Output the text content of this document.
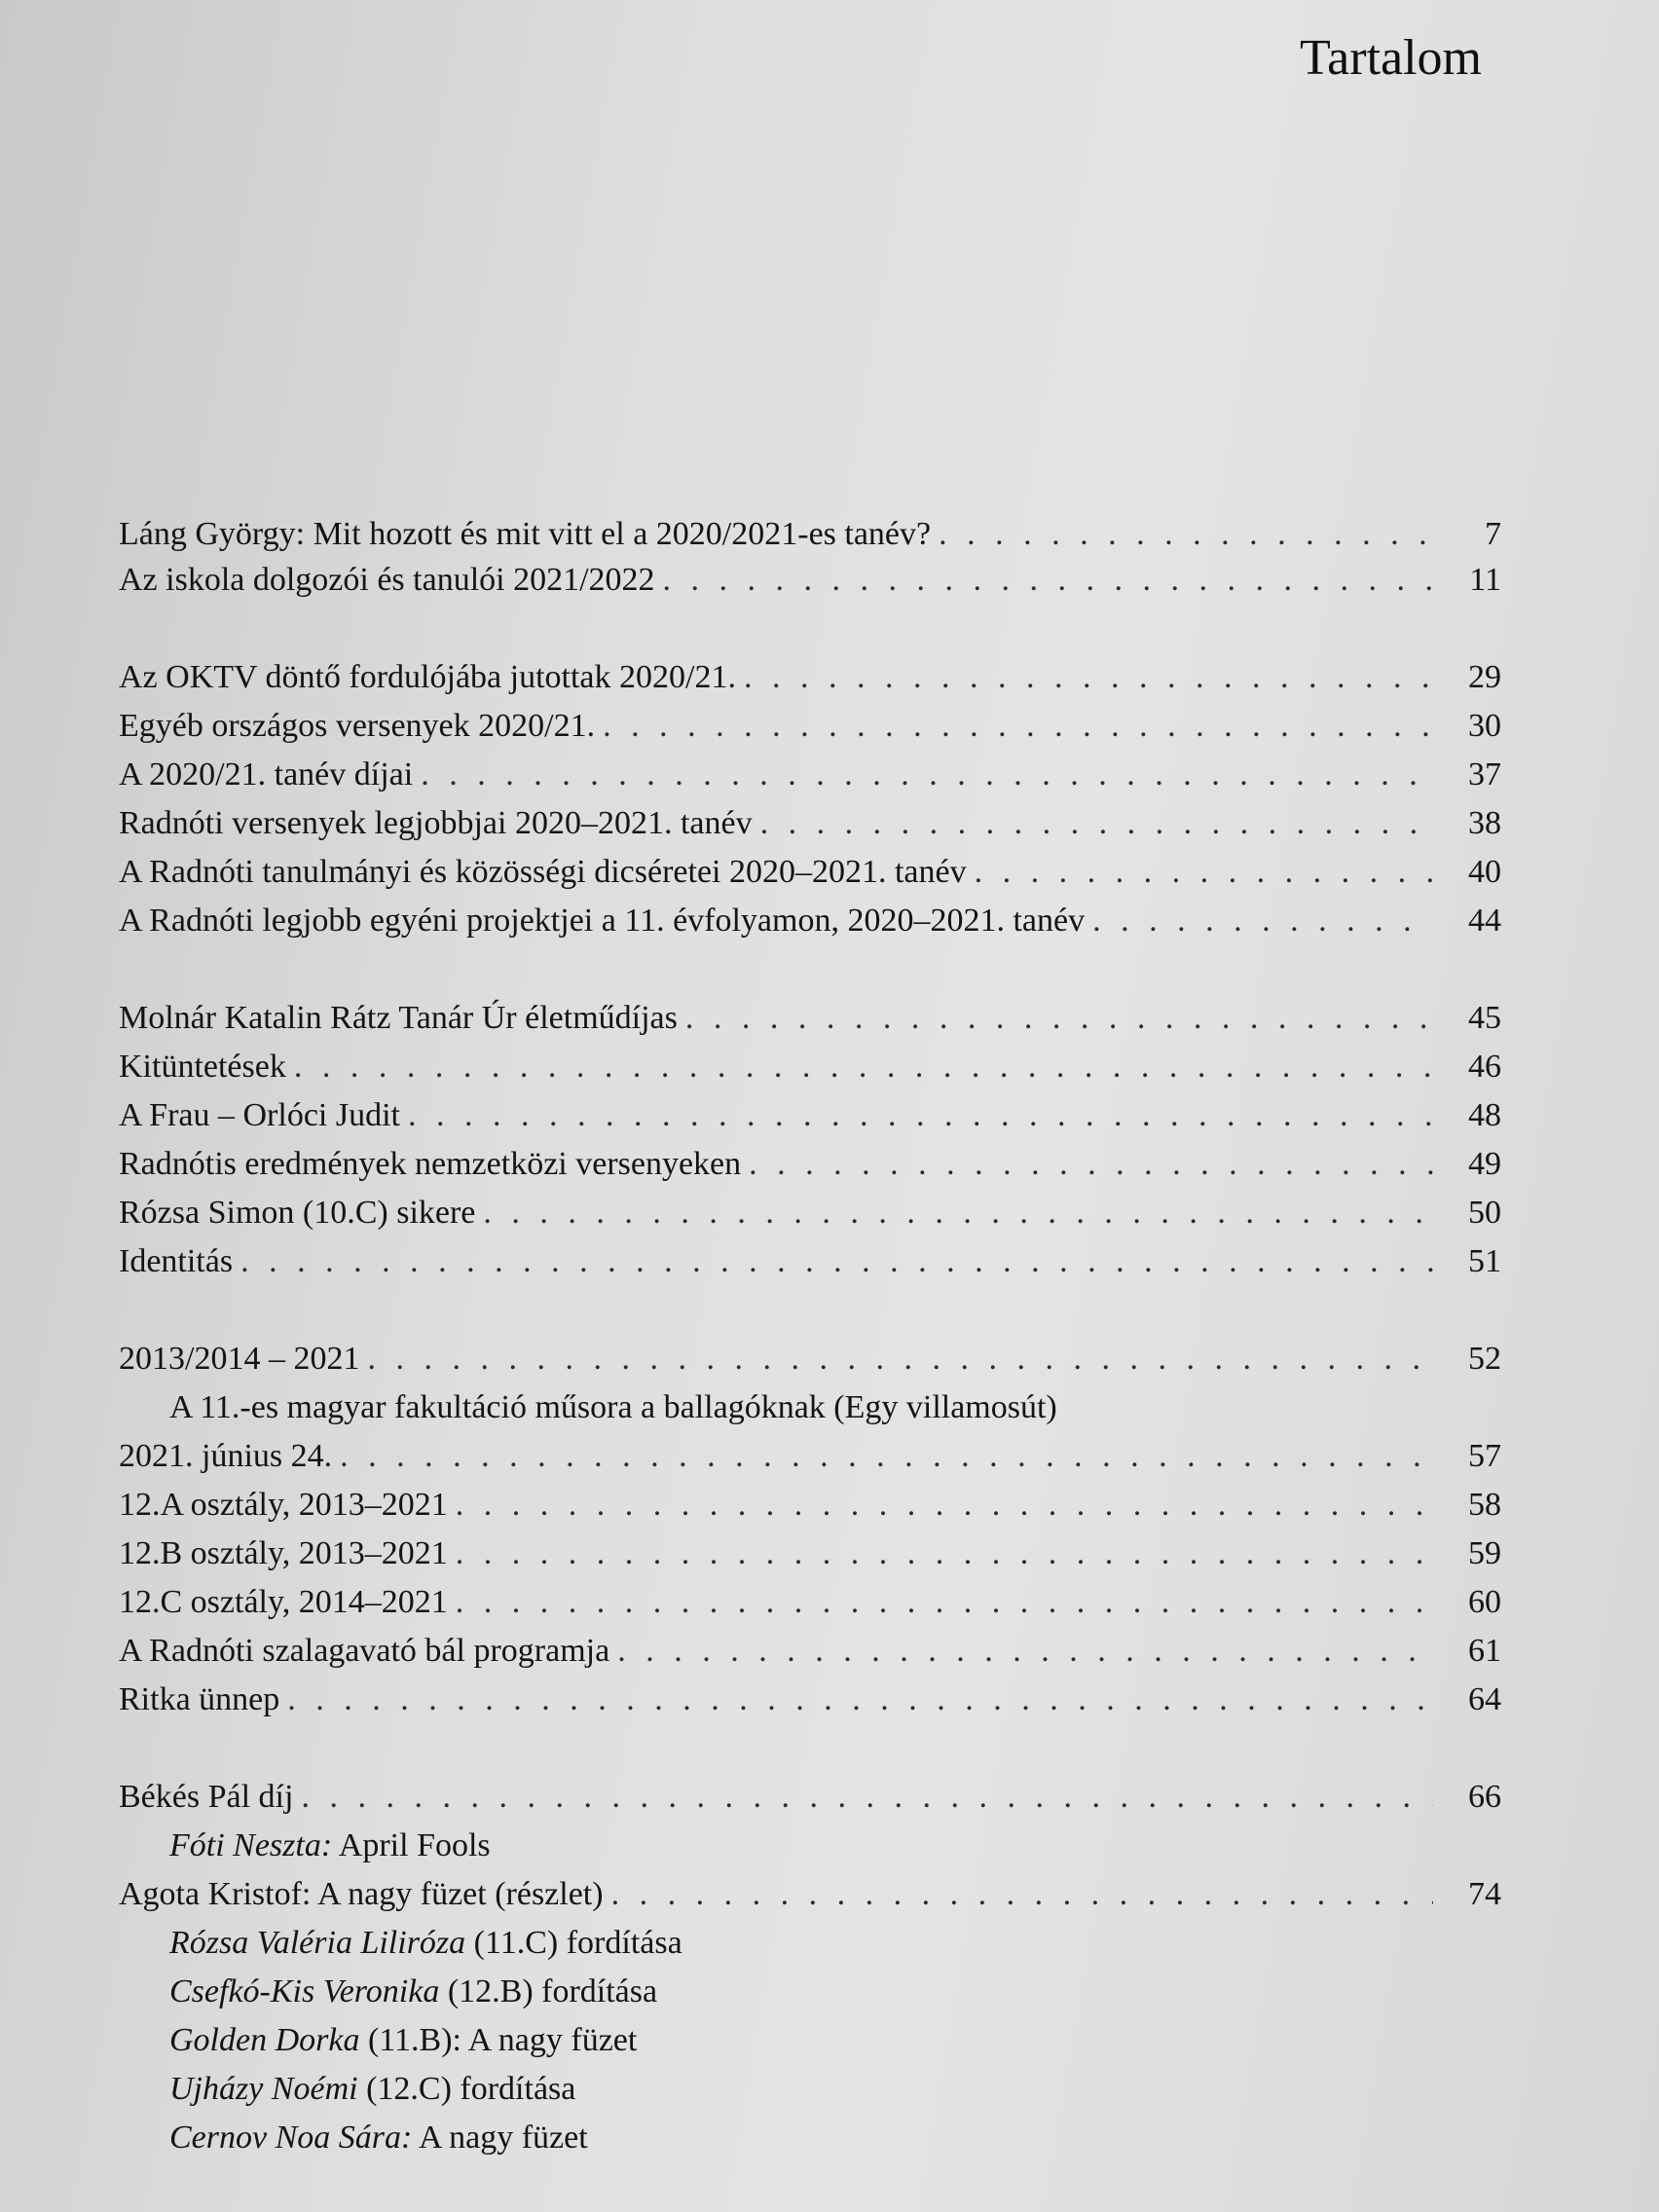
Tartalom
Láng György: Mit hozott és mit vitt el a 2020/2021-es tanév? . . .	7
Az iskola dolgozói és tanulói 2021/2022 . . .	11
Az OKTV döntő fordulójába jutottak 2020/21. . . .	29
Egyéb országos versenyek 2020/21. . . .	30
A 2020/21. tanév díjai . . .	37
Radnóti versenyek legjobbjai 2020–2021. tanév . . .	38
A Radnóti tanulmányi és közösségi dicséretei 2020–2021. tanév . . .	40
A Radnóti legjobb egyéni projektjei a 11. évfolyamon, 2020–2021. tanév . . .	44
Molnár Katalin Rátz Tanár Úr életműdíjas . . .	45
Kitüntetések . . .	46
A Frau – Orlóci Judit . . .	48
Radnótis eredmények nemzetközi versenyeken . . .	49
Rózsa Simon (10.C) sikere . . .	50
Identitás . . .	51
2013/2014 – 2021 . . .	52
A 11.-es magyar fakultáció műsora a ballagóknak (Egy villamosút)
2021. június 24. . . .	57
12.A osztály, 2013–2021 . . .	58
12.B osztály, 2013–2021 . . .	59
12.C osztály, 2014–2021 . . .	60
A Radnóti szalagavató bál programja . . .	61
Ritka ünnep . . .	64
Békés Pál díj . . .	66
Fóti Neszta: April Fools
Agota Kristof: A nagy füzet (részlet) . . .	74
Rózsa Valéria Liliróza (11.C) fordítása
Csefkó-Kis Veronika (12.B) fordítása
Golden Dorka (11.B): A nagy füzet
Ujházy Noémi (12.C) fordítása
Cernov Noa Sára: A nagy füzet
